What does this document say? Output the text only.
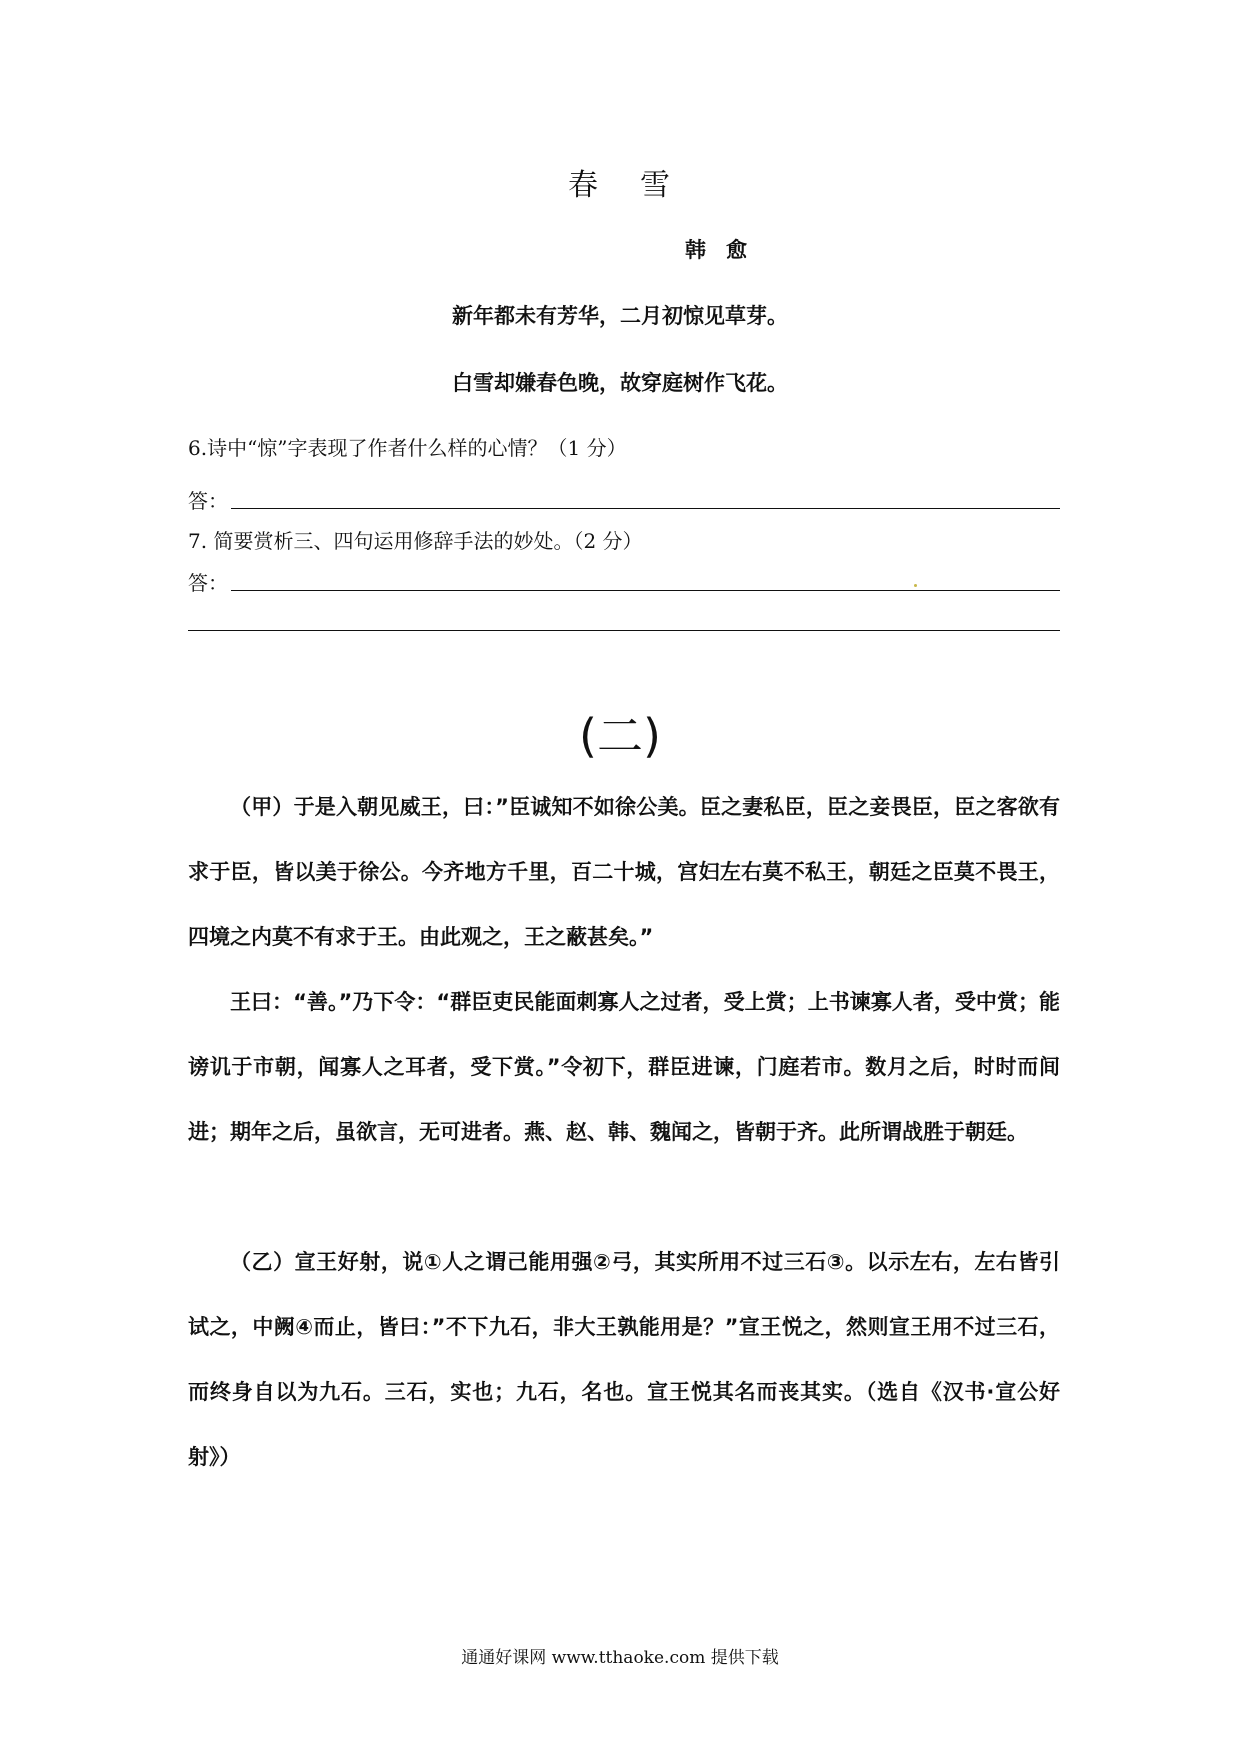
春 雪
韩 愈
新年都未有芳华，二月初惊见草芽。
白雪却嫌春色晚，故穿庭树作飞花。
6.诗中“惊”字表现了作者什么样的心情？（1 分）
答：
7. 简要赏析三、四句运用修辞手法的妙处。（2 分）
答：
(二)
（甲）于是入朝见威王，曰：”臣诚知不如徐公美。臣之妻私臣，臣之妾畏臣，臣之客欲有求于臣，皆以美于徐公。今齐地方千里，百二十城，宫妇左右莫不私王，朝廷之臣莫不畏王，四境之内莫不有求于王。由此观之，王之蔽甚矣。”
王曰：“善。”乃下令：“群臣吏民能面刺寡人之过者，受上赏；上书谏寡人者，受中赏；能谤讥于市朝，闻寡人之耳者，受下赏。”令初下，群臣进谏，门庭若市。数月之后，时时而间进；期年之后，虽欲言，无可进者。燕、赵、韩、魏闻之，皆朝于齐。此所谓战胜于朝廷。
（乙）宣王好射，说①人之谓己能用强②弓，其实所用不过三石③。以示左右，左右皆引试之，中阙④而止，皆曰：”不下九石，非大王孰能用是？”宣王悦之，然则宣王用不过三石，而终身自以为九石。三石，实也；九石，名也。宣王悦其名而丧其实。（选自《汉书·宣公好射》）
通通好课网 www.tthaoke.com 提供下载
